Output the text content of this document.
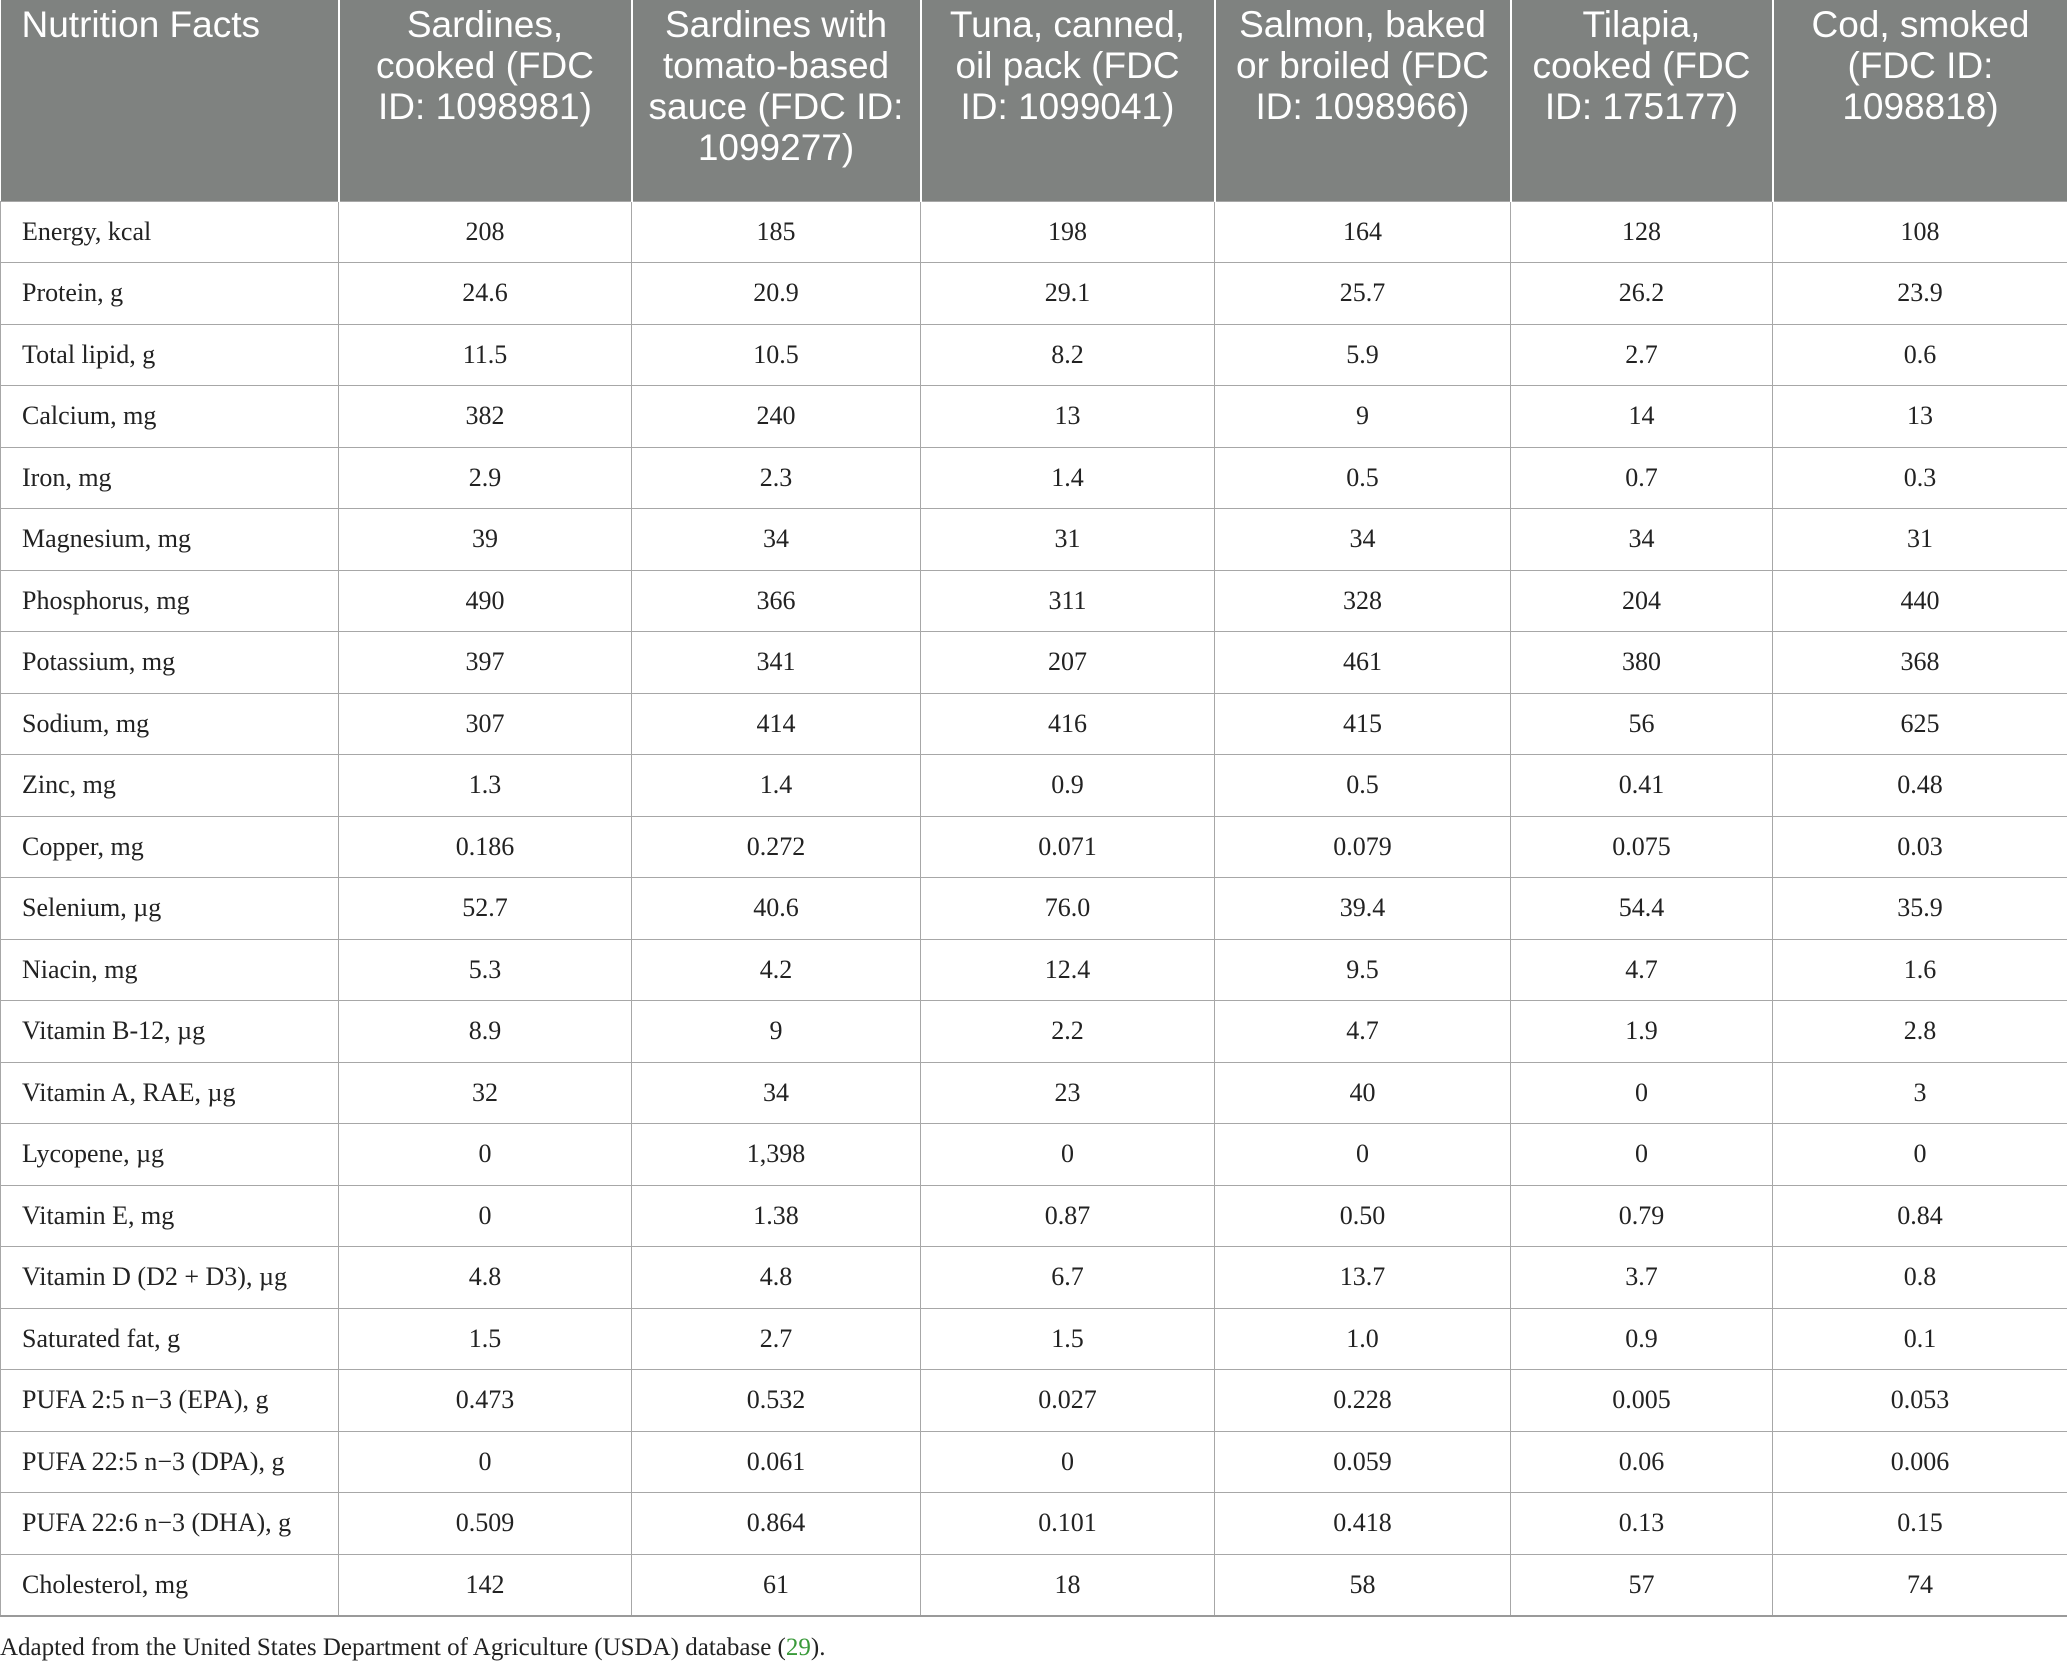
Nutrition Facts	Sardines, cooked (FDC ID: 1098981)	Sardines with tomato-based sauce (FDC ID: 1099277)	Tuna, canned, oil pack (FDC ID: 1099041)	Salmon, baked or broiled (FDC ID: 1098966)	Tilapia, cooked (FDC ID: 175177)	Cod, smoked (FDC ID: 1098818)
Energy, kcal	208	185	198	164	128	108
Protein, g	24.6	20.9	29.1	25.7	26.2	23.9
Total lipid, g	11.5	10.5	8.2	5.9	2.7	0.6
Calcium, mg	382	240	13	9	14	13
Iron, mg	2.9	2.3	1.4	0.5	0.7	0.3
Magnesium, mg	39	34	31	34	34	31
Phosphorus, mg	490	366	311	328	204	440
Potassium, mg	397	341	207	461	380	368
Sodium, mg	307	414	416	415	56	625
Zinc, mg	1.3	1.4	0.9	0.5	0.41	0.48
Copper, mg	0.186	0.272	0.071	0.079	0.075	0.03
Selenium, µg	52.7	40.6	76.0	39.4	54.4	35.9
Niacin, mg	5.3	4.2	12.4	9.5	4.7	1.6
Vitamin B-12, µg	8.9	9	2.2	4.7	1.9	2.8
Vitamin A, RAE, µg	32	34	23	40	0	3
Lycopene, µg	0	1,398	0	0	0	0
Vitamin E, mg	0	1.38	0.87	0.50	0.79	0.84
Vitamin D (D2 + D3), µg	4.8	4.8	6.7	13.7	3.7	0.8
Saturated fat, g	1.5	2.7	1.5	1.0	0.9	0.1
PUFA 2:5 n−3 (EPA), g	0.473	0.532	0.027	0.228	0.005	0.053
PUFA 22:5 n−3 (DPA), g	0	0.061	0	0.059	0.06	0.006
PUFA 22:6 n−3 (DHA), g	0.509	0.864	0.101	0.418	0.13	0.15
Cholesterol, mg	142	61	18	58	57	74
Adapted from the United States Department of Agriculture (USDA) database (29).
